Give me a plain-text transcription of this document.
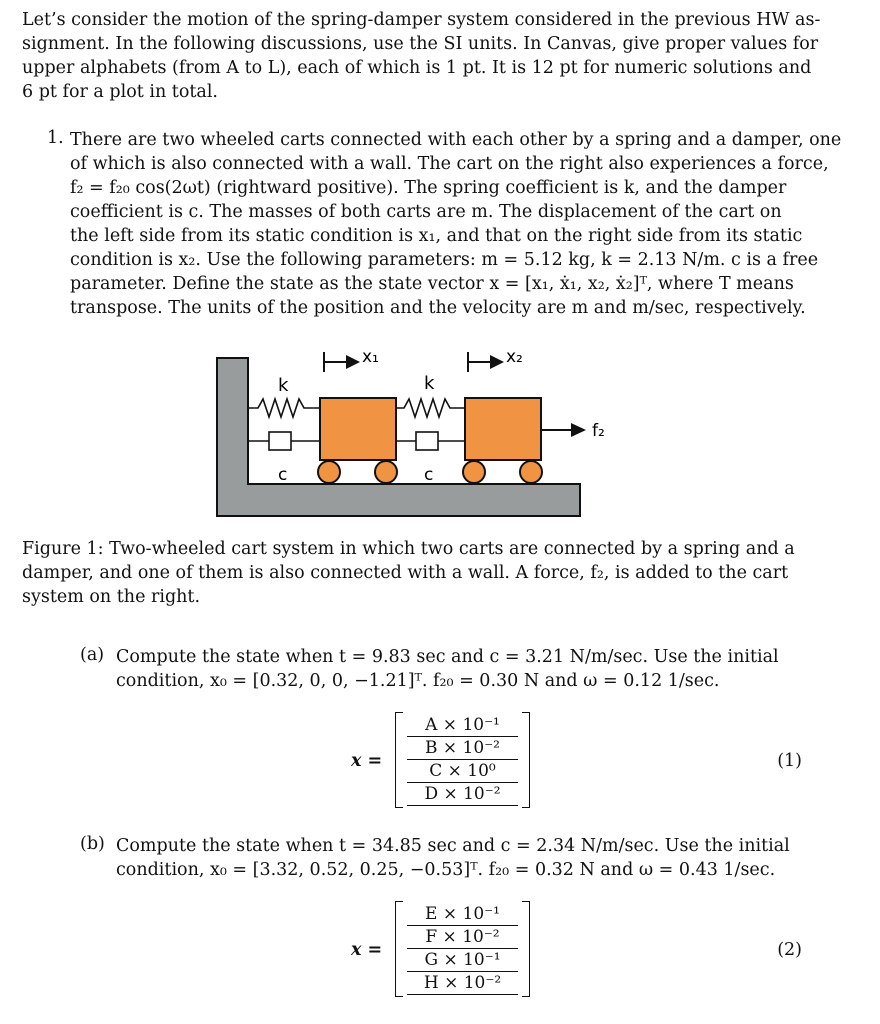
Let’s consider the motion of the spring-damper system considered in the previous HW as-
signment. In the following discussions, use the SI units. In Canvas, give proper values for
upper alphabets (from A to L), each of which is 1 pt. It is 12 pt for numeric solutions and
6 pt for a plot in total.
1. There are two wheeled carts connected with each other by a spring and a damper, one
of which is also connected with a wall. The cart on the right also experiences a force,
f₂ = f₂₀ cos(2ωt) (rightward positive). The spring coefficient is k, and the damper
coefficient is c. The masses of both carts are m. The displacement of the cart on
the left side from its static condition is x₁, and that on the right side from its static
condition is x₂. Use the following parameters: m = 5.12 kg, k = 2.13 N/m. c is a free
parameter. Define the state as the state vector x = [x₁, ẋ₁, x₂, ẋ₂]ᵀ, where T means
transpose. The units of the position and the velocity are m and m/sec, respectively.
x₁	x₂
k
c
k
c
f₂
Figure 1: Two-wheeled cart system in which two carts are connected by a spring and a
damper, and one of them is also connected with a wall. A force, f₂, is added to the cart
system on the right.
(a) Compute the state when t = 9.83 sec and c = 3.21 N/m/sec. Use the initial
condition, x₀ = [0.32, 0, 0, −1.21]ᵀ. f₂₀ = 0.30 N and ω = 0.12 1/sec.
x =
A × 10⁻¹
B × 10⁻²
C × 10⁰
D × 10⁻²
(1)
(b) Compute the state when t = 34.85 sec and c = 2.34 N/m/sec. Use the initial
condition, x₀ = [3.32, 0.52, 0.25, −0.53]ᵀ. f₂₀ = 0.32 N and ω = 0.43 1/sec.
x =
E × 10⁻¹
F × 10⁻²
G × 10⁻¹
H × 10⁻²
(2)
